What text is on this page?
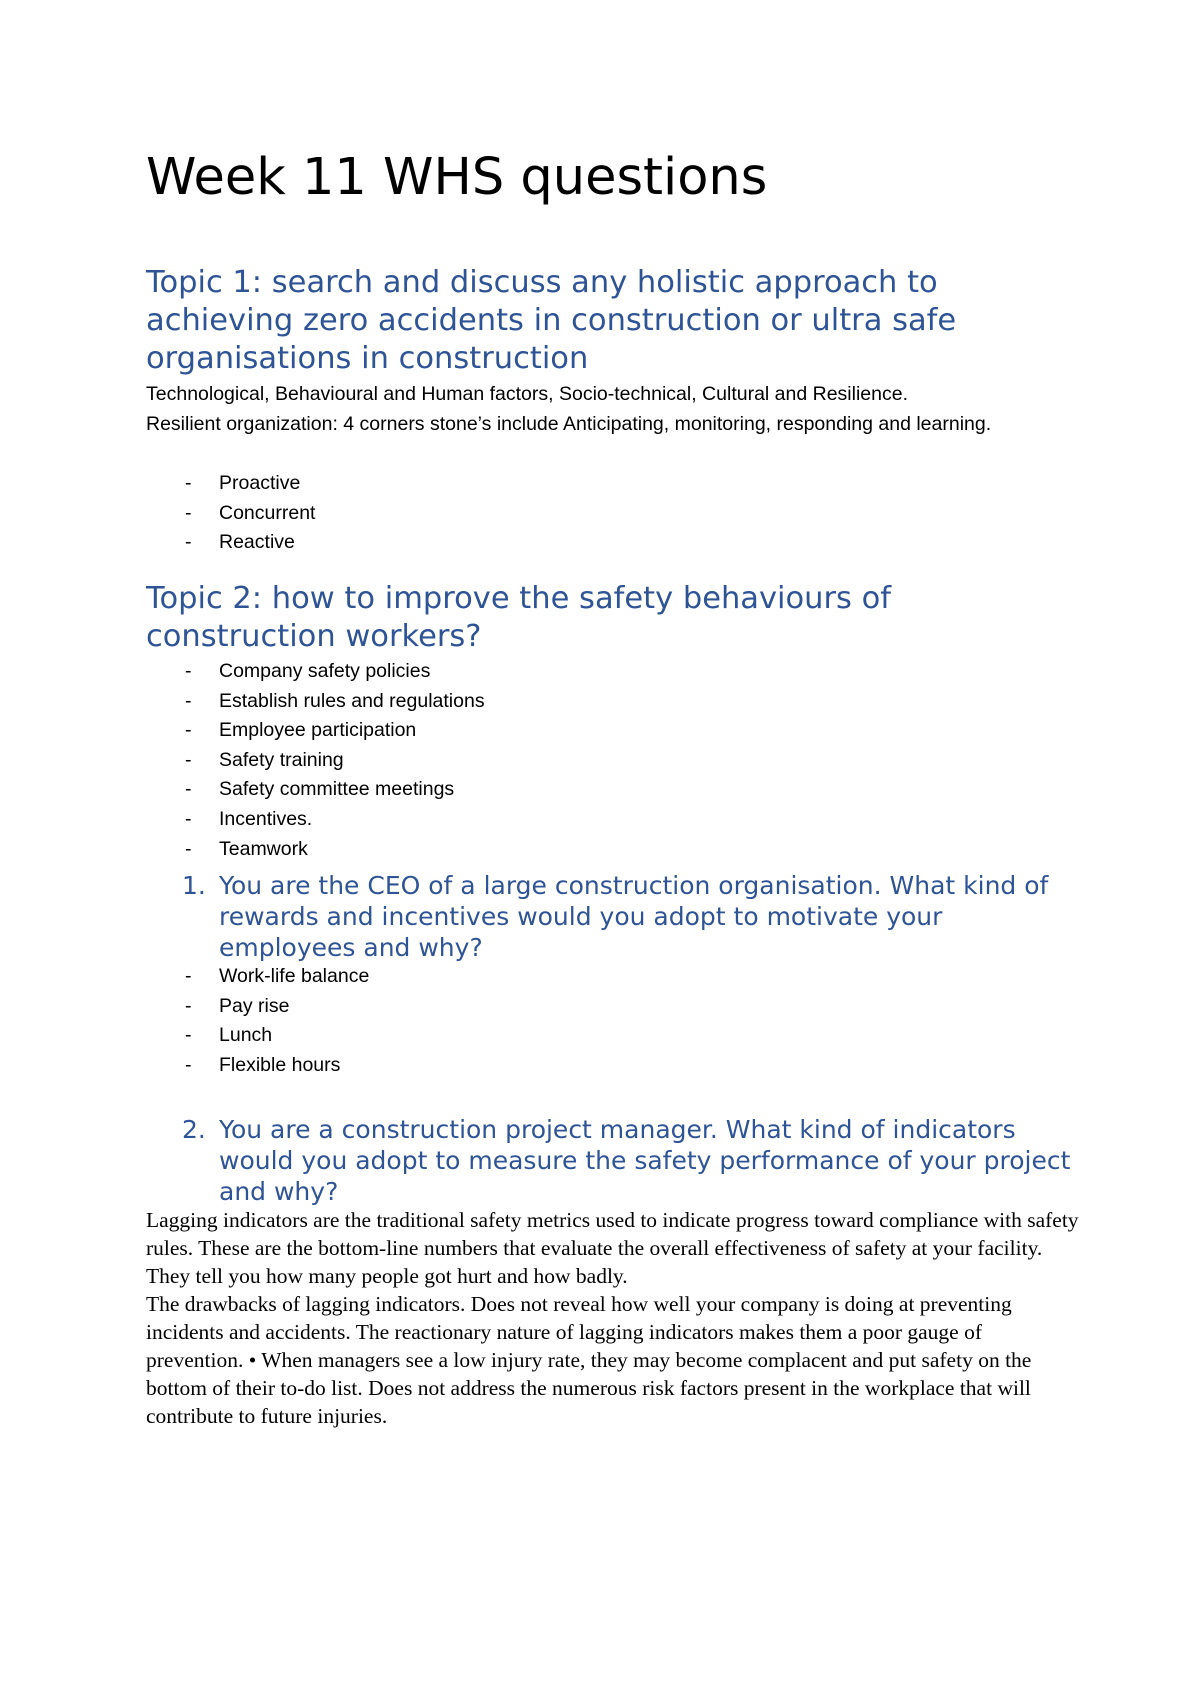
Week 11 WHS questions
Topic 1: search and discuss any holistic approach to achieving zero accidents in construction or ultra safe organisations in construction
Technological, Behavioural and Human factors, Socio-technical, Cultural and Resilience.
Resilient organization: 4 corners stone’s include Anticipating, monitoring, responding and learning.
- Proactive
- Concurrent
- Reactive
Topic 2: how to improve the safety behaviours of construction workers?
- Company safety policies
- Establish rules and regulations
- Employee participation
- Safety training
- Safety committee meetings
- Incentives.
- Teamwork
1. You are the CEO of a large construction organisation. What kind of rewards and incentives would you adopt to motivate your employees and why?
- Work-life balance
- Pay rise
- Lunch
- Flexible hours
2. You are a construction project manager. What kind of indicators would you adopt to measure the safety performance of your project and why?

Lagging indicators are the traditional safety metrics used to indicate progress toward compliance with safety rules. These are the bottom-line numbers that evaluate the overall effectiveness of safety at your facility. They tell you how many people got hurt and how badly.

The drawbacks of lagging indicators. Does not reveal how well your company is doing at preventing incidents and accidents. The reactionary nature of lagging indicators makes them a poor gauge of prevention. • When managers see a low injury rate, they may become complacent and put safety on the bottom of their to-do list. Does not address the numerous risk factors present in the workplace that will contribute to future injuries.
